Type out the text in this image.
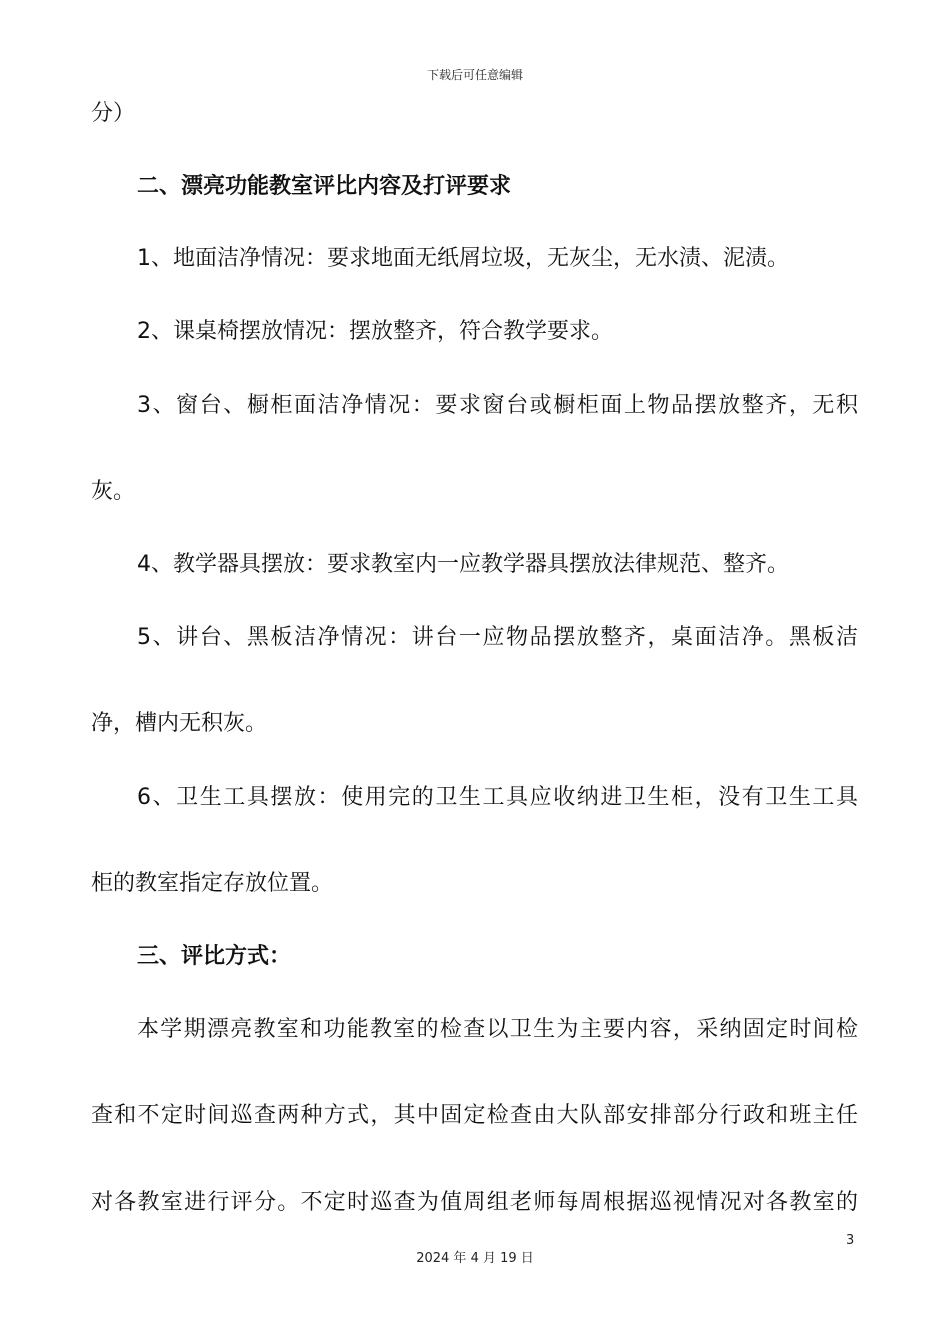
下载后可任意编辑
分）
二、漂亮功能教室评比内容及打评要求
1、地面洁净情况：要求地面无纸屑垃圾，无灰尘，无水渍、泥渍。
2、课桌椅摆放情况：摆放整齐，符合教学要求。
3、窗台、橱柜面洁净情况：要求窗台或橱柜面上物品摆放整齐，无积
灰。
4、教学器具摆放：要求教室内一应教学器具摆放法律规范、整齐。
5、讲台、黑板洁净情况：讲台一应物品摆放整齐，桌面洁净。黑板洁
净，槽内无积灰。
6、卫生工具摆放：使用完的卫生工具应收纳进卫生柜，没有卫生工具
柜的教室指定存放位置。
三、评比方式：
本学期漂亮教室和功能教室的检查以卫生为主要内容，采纳固定时间检
查和不定时间巡查两种方式，其中固定检查由大队部安排部分行政和班主任
对各教室进行评分。不定时巡查为值周组老师每周根据巡视情况对各教室的
3
2024 年 4 月 19 日
